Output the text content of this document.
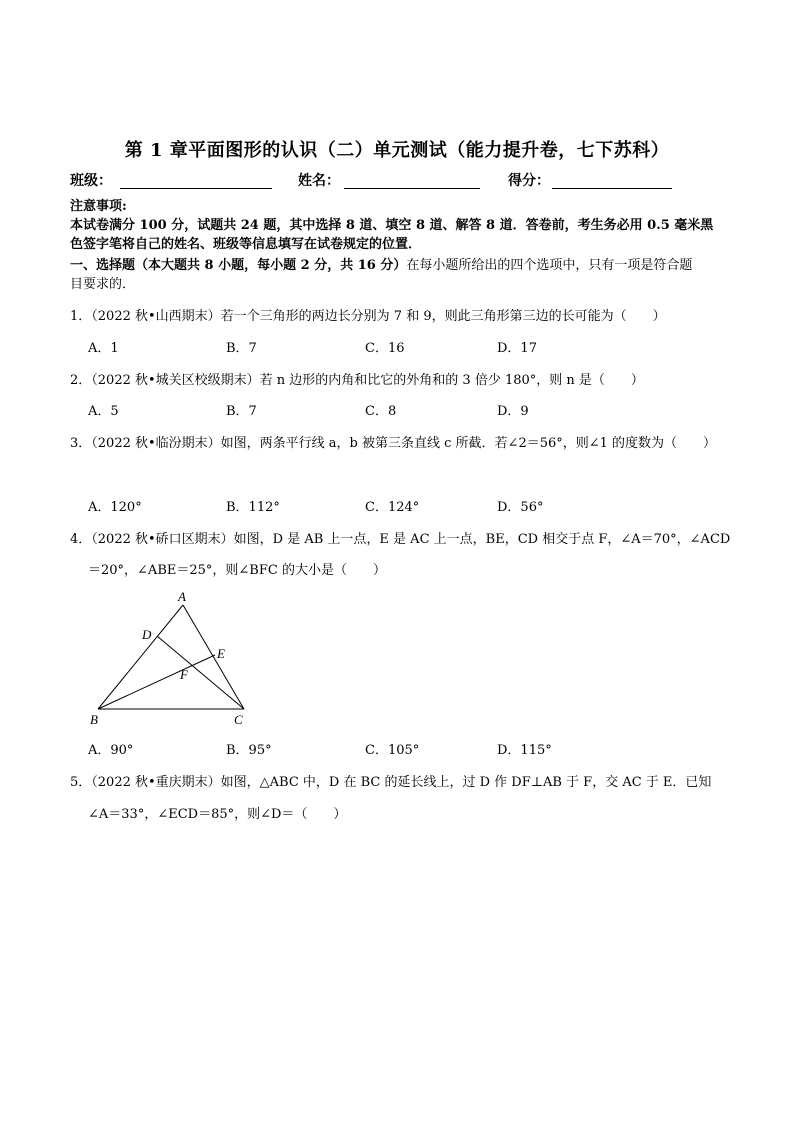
第 1 章平面图形的认识（二）单元测试（能力提升卷，七下苏科）
班级：	姓名：	得分：
注意事项:
本试卷满分 100 分，试题共 24 题，其中选择 8 道、填空 8 道、解答 8 道．答卷前，考生务必用 0.5 毫米黑
色签字笔将自己的姓名、班级等信息填写在试卷规定的位置．
一、选择题（本大题共 8 小题，每小题 2 分，共 16 分）在每小题所给出的四个选项中，只有一项是符合题
目要求的．
1．（2022 秋•山西期末）若一个三角形的两边长分别为 7 和 9，则此三角形第三边的长可能为（　　）
A．1	B．7	C．16	D．17
2．（2022 秋•城关区校级期末）若 n 边形的内角和比它的外角和的 3 倍少 180°，则 n 是（　　）
A．5	B．7	C．8	D．9
3．（2022 秋•临汾期末）如图，两条平行线 a，b 被第三条直线 c 所截．若∠2＝56°，则∠1 的度数为（　　）
A．120°	B．112°	C．124°	D．56°
4．（2022 秋•硚口区期末）如图，D 是 AB 上一点，E 是 AC 上一点，BE，CD 相交于点 F，∠A＝70°，∠ACD
＝20°，∠ABE＝25°，则∠BFC 的大小是（　　）
A
B	C
D
E
F
A．90°	B．95°	C．105°	D．115°
5．（2022 秋•重庆期末）如图，△ABC 中，D 在 BC 的延长线上，过 D 作 DF⊥AB 于 F，交 AC 于 E．已知
∠A＝33°，∠ECD＝85°，则∠D＝（　　）
